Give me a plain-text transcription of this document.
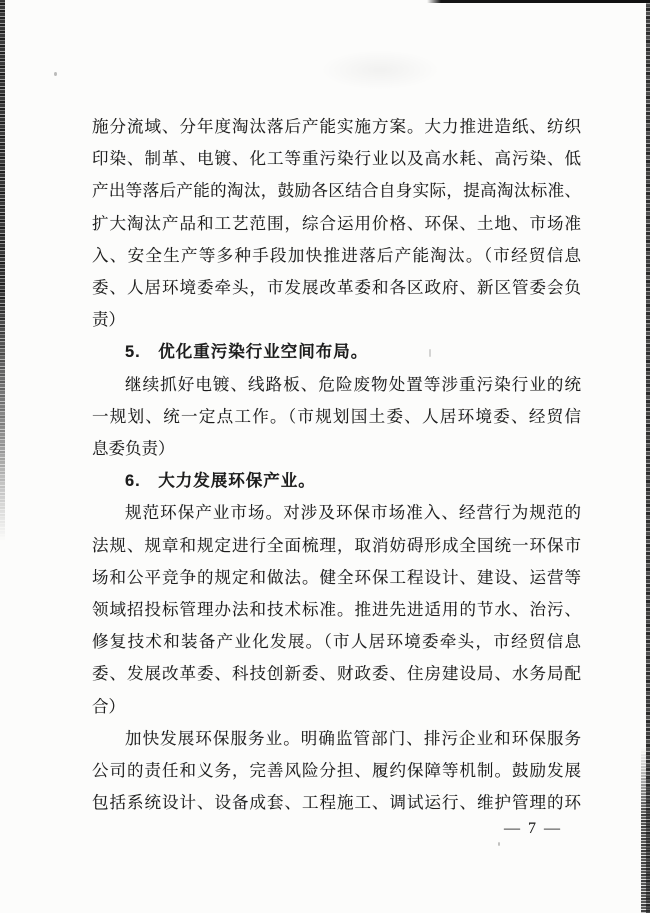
施分流域、分年度淘汰落后产能实施方案。大力推进造纸、纺织
印染、制革、电镀、化工等重污染行业以及高水耗、高污染、低
产出等落后产能的淘汰，鼓励各区结合自身实际，提高淘汰标准、
扩大淘汰产品和工艺范围，综合运用价格、环保、土地、市场准
入、安全生产等多种手段加快推进落后产能淘汰。（市经贸信息
委、人居环境委牵头，市发展改革委和各区政府、新区管委会负
责）
5.　优化重污染行业空间布局。
继续抓好电镀、线路板、危险废物处置等涉重污染行业的统
一规划、统一定点工作。（市规划国土委、人居环境委、经贸信
息委负责）
6.　大力发展环保产业。
规范环保产业市场。对涉及环保市场准入、经营行为规范的
法规、规章和规定进行全面梳理，取消妨碍形成全国统一环保市
场和公平竞争的规定和做法。健全环保工程设计、建设、运营等
领域招投标管理办法和技术标准。推进先进适用的节水、治污、
修复技术和装备产业化发展。（市人居环境委牵头，市经贸信息
委、发展改革委、科技创新委、财政委、住房建设局、水务局配
合）
加快发展环保服务业。明确监管部门、排污企业和环保服务
公司的责任和义务，完善风险分担、履约保障等机制。鼓励发展
包括系统设计、设备成套、工程施工、调试运行、维护管理的环
— 7 —
